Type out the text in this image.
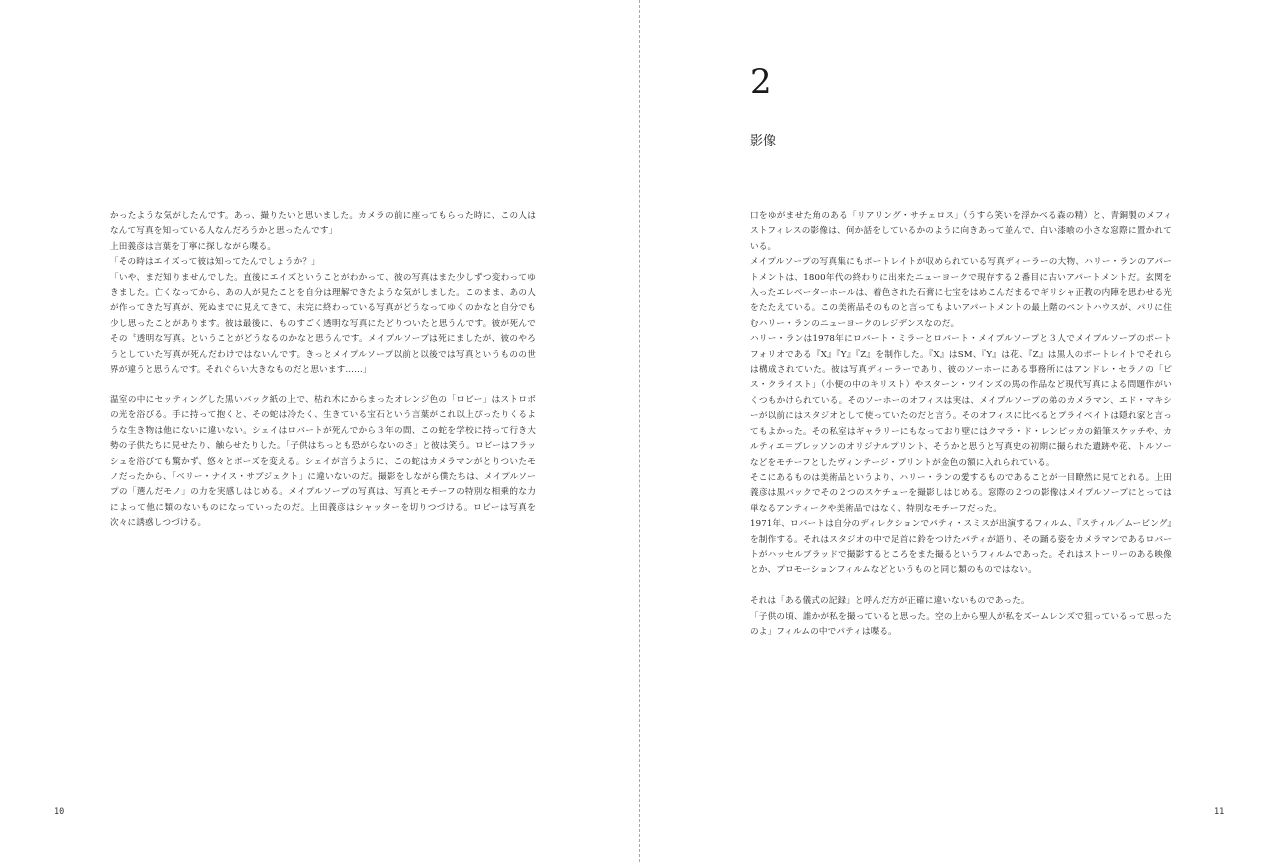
かったような気がしたんです。あっ、撮りたいと思いました。カメラの前に座ってもらった時に、この人はなんて写真を知っている人なんだろうかと思ったんです」

上田義彦は言葉を丁寧に探しながら喋る。

「その時はエイズって彼は知ってたんでしょうか？」

「いや、まだ知りませんでした。直後にエイズということがわかって、彼の写真はまた少しずつ変わってゆきました。亡くなってから、あの人が見たことを自分は理解できたような気がしました。このまま、あの人が作ってきた写真が、死ぬまでに見えてきて、未完に終わっている写真がどうなってゆくのかなと自分でも少し思ったことがあります。彼は最後に、ものすごく透明な写真にたどりついたと思うんです。彼が死んでその〝透明な写真〟ということがどうなるのかなと思うんです。メイプルソープは死にましたが、彼のやろうとしていた写真が死んだわけではないんです。きっとメイプルソープ以前と以後では写真というものの世界が違うと思うんです。それぐらい大きなものだと思います……」

温室の中にセッティングした黒いバック紙の上で、枯れ木にからまったオレンジ色の「ロビー」はストロボの光を浴びる。手に持って抱くと、その蛇は冷たく、生きている宝石という言葉がこれ以上ぴったりくるような生き物は他にないに違いない。シェイはロバートが死んでから３年の間、この蛇を学校に持って行き大勢の子供たちに見せたり、触らせたりした。「子供はちっとも恐がらないのさ」と彼は笑う。ロビーはフラッシュを浴びても驚かず、悠々とポーズを変える。シェイが言うように、この蛇はカメラマンがとりついたモノだったから、「ベリー・ナイス・サブジェクト」に違いないのだ。撮影をしながら僕たちは、メイプルソープの「選んだモノ」の力を実感しはじめる。メイプルソープの写真は、写真とモチーフの特別な相乗的な力によって他に類のないものになっていったのだ。上田義彦はシャッターを切りつづける。ロビーは写真を次々に誘惑しつづける。

10
2
影像

口をゆがませた角のある「リアリング・サチェロス」（うすら笑いを浮かべる森の精）と、青銅製のメフィストフィレスの影像は、何か話をしているかのように向きあって並んで、白い漆喰の小さな窓際に置かれている。

メイプルソープの写真集にもポートレイトが収められている写真ディーラーの大物、ハリー・ランのアパートメントは、1800年代の終わりに出来たニューヨークで現存する２番目に古いアパートメントだ。玄関を入ったエレベーターホールは、着色された石膏に七宝をはめこんだまるでギリシャ正教の内陣を思わせる光をたたえている。この美術品そのものと言ってもよいアパートメントの最上階のペントハウスが、パリに住むハリー・ランのニューヨークのレジデンスなのだ。

ハリー・ランは1978年にロバート・ミラーとロバート・メイプルソープと３人でメイプルソープのポートフォリオである『X』『Y』『Z』を制作した。『X』はSM、『Y』は花、『Z』は黒人のポートレイトでそれらは構成されていた。彼は写真ディーラーであり、彼のソーホーにある事務所にはアンドレ・セラノの「ピス・クライスト」（小便の中のキリスト）やスターン・ツインズの馬の作品など現代写真による問題作がいくつもかけられている。そのソーホーのオフィスは実は、メイプルソープの弟のカメラマン、エド・マキシーが以前にはスタジオとして使っていたのだと言う。そのオフィスに比べるとプライベイトは隠れ家と言ってもよかった。その私室はギャラリーにもなっており壁にはクマラ・ド・レンピッカの鉛筆スケッチや、カルティエ＝ブレッソンのオリジナルプリント、そうかと思うと写真史の初期に撮られた遺跡や花、トルソーなどをモチーフとしたヴィンテージ・プリントが金色の額に入れられている。

そこにあるものは美術品というより、ハリー・ランの愛するものであることが一目瞭然に見てとれる。上田義彦は黒バックでその２つのスケチューを撮影しはじめる。窓際の２つの影像はメイプルソープにとっては単なるアンティークや美術品ではなく、特別なモチーフだった。

1971年、ロバートは自分のディレクションでパティ・スミスが出演するフィルム、『スティル／ムービング』を制作する。それはスタジオの中で足首に鈴をつけたパティが語り、その踊る姿をカメラマンであるロバートがハッセルブラッドで撮影するところをまた撮るというフィルムであった。それはストーリーのある映像とか、プロモーションフィルムなどというものと同じ類のものではない。

それは「ある儀式の記録」と呼んだ方が正確に違いないものであった。

「子供の頃、誰かが私を撮っていると思った。空の上から聖人が私をズームレンズで狙っているって思ったのよ」フィルムの中でパティは喋る。

11
